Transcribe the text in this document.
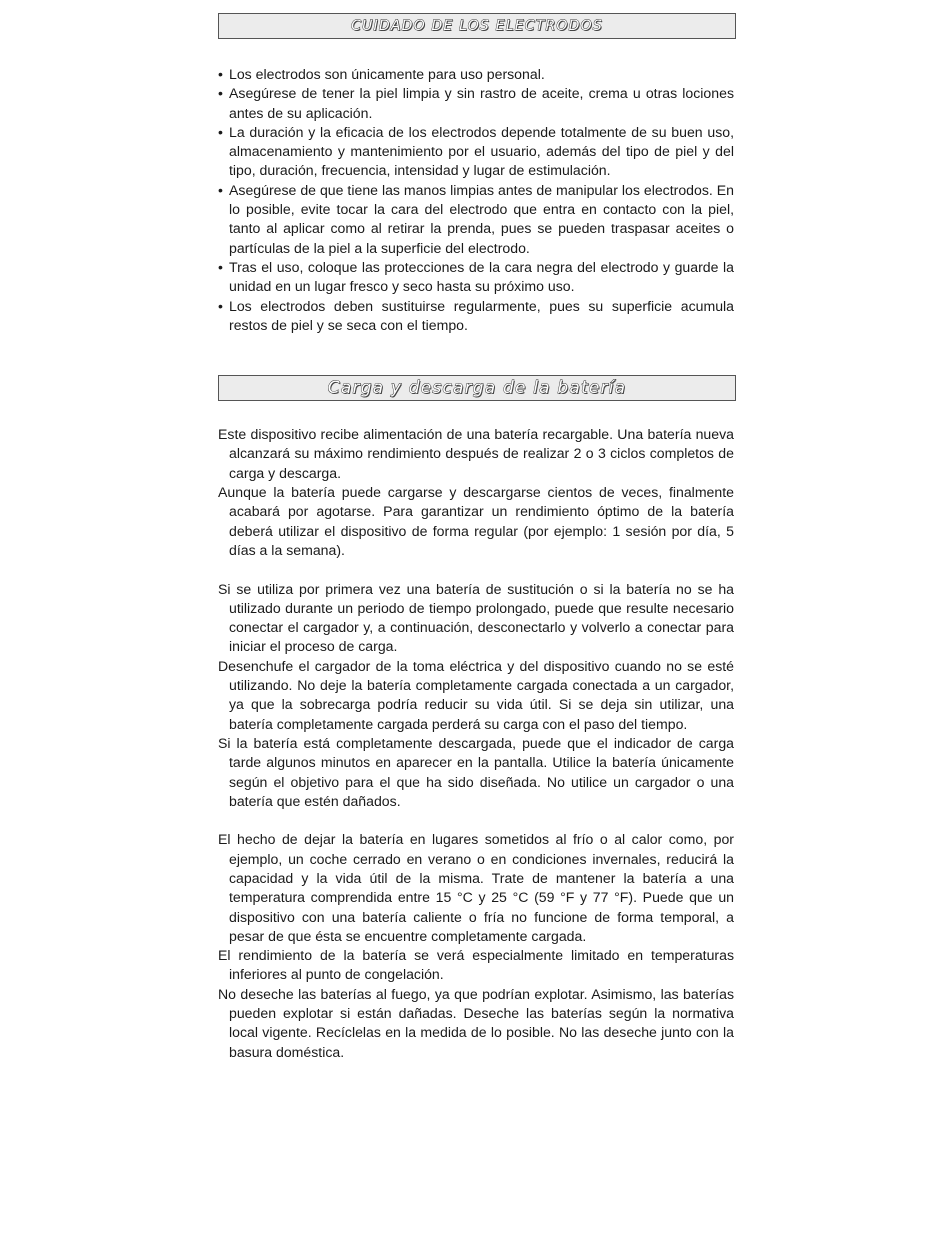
CUIDADO DE LOS ELECTRODOS
• Los electrodos son únicamente para uso personal.
• Asegúrese de tener la piel limpia y sin rastro de aceite, crema u otras lociones antes de su aplicación.
• La duración y la eficacia de los electrodos depende totalmente de su buen uso, almacenamiento y mantenimiento por el usuario, además del tipo de piel y del tipo, duración, frecuencia, intensidad y lugar de estimulación.
• Asegúrese de que tiene las manos limpias antes de manipular los electrodos. En lo posible, evite tocar la cara del electrodo que entra en contacto con la piel, tanto al aplicar como al retirar la prenda, pues se pueden traspasar aceites o partículas de la piel a la superficie del electrodo.
• Tras el uso, coloque las protecciones de la cara negra del electrodo y guarde la unidad en un lugar fresco y seco hasta su próximo uso.
• Los electrodos deben sustituirse regularmente, pues su superficie acumula restos de piel y se seca con el tiempo.
Carga y descarga de la batería

Este dispositivo recibe alimentación de una batería recargable. Una batería nueva alcanzará su máximo rendimiento después de realizar 2 o 3 ciclos completos de carga y descarga.

Aunque la batería puede cargarse y descargarse cientos de veces, finalmente acabará por agotarse. Para garantizar un rendimiento óptimo de la batería deberá utilizar el dispositivo de forma regular (por ejemplo: 1 sesión por día, 5 días a la semana).

Si se utiliza por primera vez una batería de sustitución o si la batería no se ha utilizado durante un periodo de tiempo prolongado, puede que resulte necesario conectar el cargador y, a continuación, desconectarlo y volverlo a conectar para iniciar el proceso de carga.

Desenchufe el cargador de la toma eléctrica y del dispositivo cuando no se esté utilizando. No deje la batería completamente cargada conectada a un cargador, ya que la sobrecarga podría reducir su vida útil. Si se deja sin utilizar, una batería completamente cargada perderá su carga con el paso del tiempo.

Si la batería está completamente descargada, puede que el indicador de carga tarde algunos minutos en aparecer en la pantalla. Utilice la batería únicamente según el objetivo para el que ha sido diseñada. No utilice un cargador o una batería que estén dañados.

El hecho de dejar la batería en lugares sometidos al frío o al calor como, por ejemplo, un coche cerrado en verano o en condiciones invernales, reducirá la capacidad y la vida útil de la misma. Trate de mantener la batería a una temperatura comprendida entre 15 °C y 25 °C (59 °F y 77 °F). Puede que un dispositivo con una batería caliente o fría no funcione de forma temporal, a pesar de que ésta se encuentre completamente cargada.

El rendimiento de la batería se verá especialmente limitado en temperaturas inferiores al punto de congelación.

No deseche las baterías al fuego, ya que podrían explotar. Asimismo, las baterías pueden explotar si están dañadas. Deseche las baterías según la normativa local vigente. Recíclelas en la medida de lo posible. No las deseche junto con la basura doméstica.
